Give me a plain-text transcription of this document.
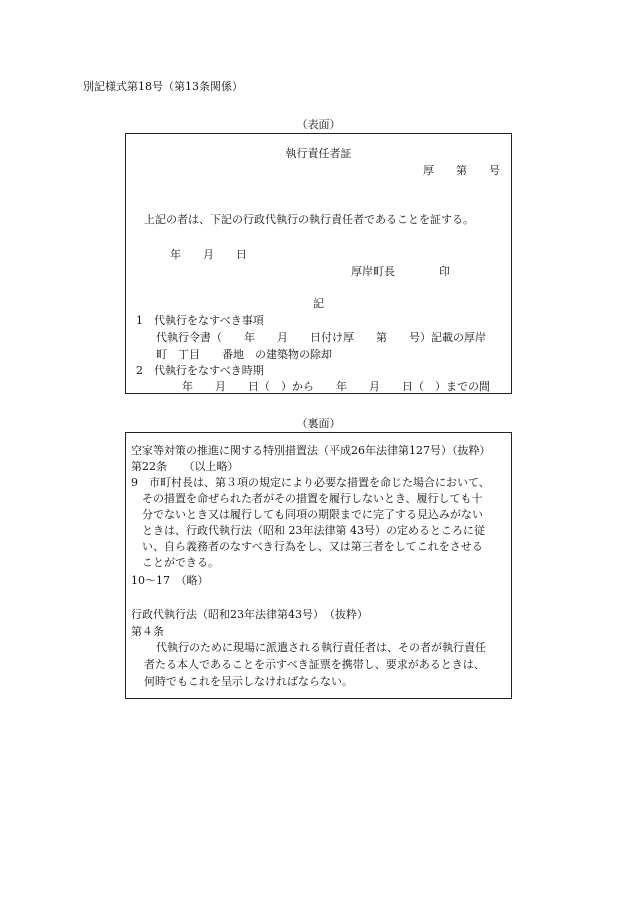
別記様式第18号（第13条関係）
（表面）
執行責任者証
厚　　第　　号
上記の者は、下記の行政代執行の執行責任者であることを証する。
年　　月　　日
厚岸町長　　　　印
記
1　代執行をなすべき事項
代執行令書（　　年　　月　　日付け厚　　第　　号）記載の厚岸
町　丁目　　番地　の建築物の除却
2　代執行をなすべき時期
年　　月　　日（　）から　　年　　月　　日（　）までの間
（裏面）
空家等対策の推進に関する特別措置法（平成26年法律第127号）（抜粋）
第22条　　（以上略）
9　市町村長は、第３項の規定により必要な措置を命じた場合において、
その措置を命ぜられた者がその措置を履行しないとき、履行しても十
分でないとき又は履行しても同項の期限までに完了する見込みがない
ときは、行政代執行法（昭和 23年法律第 43号）の定めるところに従
い、自ら義務者のなすべき行為をし、又は第三者をしてこれをさせる
ことができる。
10～17　（略）
行政代執行法（昭和23年法律第43号）　（抜粋）
第４条
代執行のために現場に派遣される執行責任者は、その者が執行責任
者たる本人であることを示すべき証票を携帯し、要求があるときは、
何時でもこれを呈示しなければならない。
